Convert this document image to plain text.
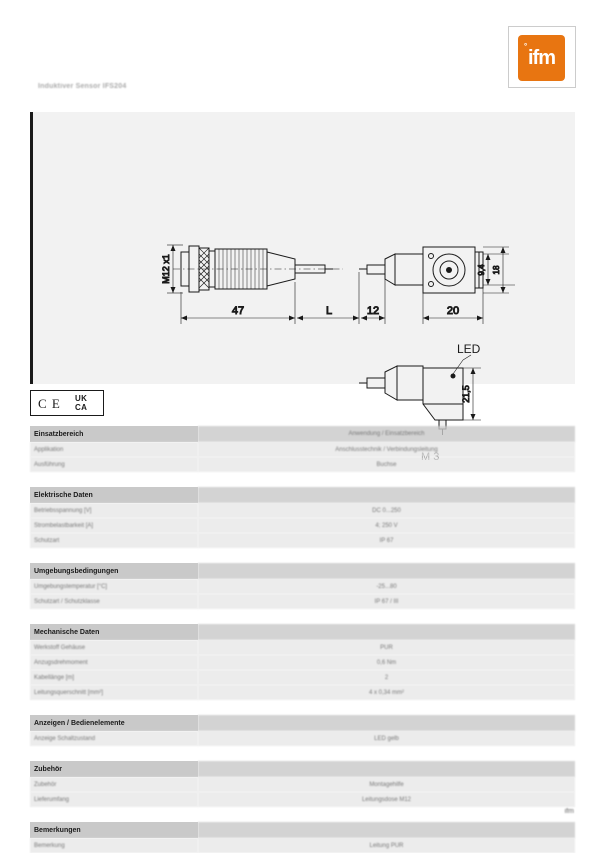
°
ifm
Induktiver Sensor IFS204
M12 x1
47	L	12	20
9,4 18
21,5
LED
C E UK
CA
Einsatzbereich	Anwendung / Einsatzbereich
Applikation	Anschlusstechnik / Verbindungsleitung
Ausführung	Buchse

Elektrische Daten	
Betriebsspannung [V]	DC 0...250
Strombelastbarkeit [A]	4; 250 V
Schutzart	IP 67

Umgebungsbedingungen	
Umgebungstemperatur [°C]	-25...80
Schutzart / Schutzklasse	IP 67 / III

Mechanische Daten	
Werkstoff Gehäuse	PUR
Anzugsdrehmoment	0,6 Nm
Kabellänge [m]	2
Leitungsquerschnitt [mm²]	4 x 0,34 mm²

Anzeigen / Bedienelemente	
Anzeige Schaltzustand	LED gelb

Zubehör	
Zubehör	Montagehilfe
Lieferumfang	Leitungsdose M12

Bemerkungen	
Bemerkung	Leitung PUR
ifm
